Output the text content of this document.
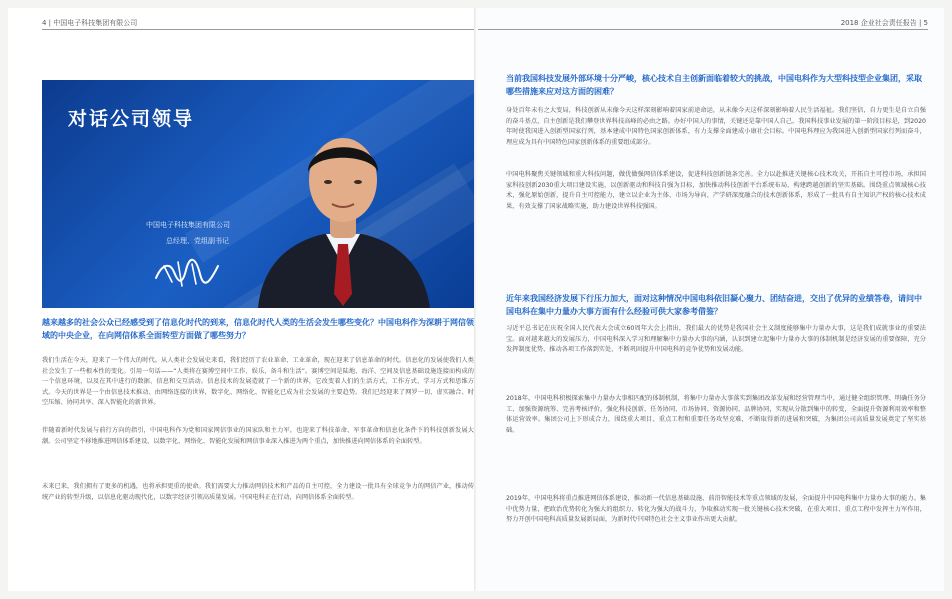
4 | 中国电子科技集团有限公司
对话公司领导
中国电子科技集团有限公司
总经理、党组副书记
越来越多的社会公众已经感受到了信息化时代的到来，信息化时代人类的生活会发生哪些变化？中国电科作为深耕于网信领域的中央企业，在向网信体系全面转型方面做了哪些努力？
我们生活在今天，迎来了一个伟大的时代。从人类社会发展史来看，我们经历了农业革命、工业革命，现在迎来了信息革命的时代。信息化的发展使我们人类社会发生了一些根本性的变化。引用一句话——“人类将在赛博空间中工作、娱乐、备斗和生活”。赛博空间是陆地、海洋、空间及信息基础设施连接而构成的一个信息环境，以及在其中进行的数据、信息和交互活动。信息技术的发展造就了一个新的世界，它改变着人们的生活方式、工作方式、学习方式和思维方式。今天的世界是一个由信息技术推动、由网络连接的世界，数字化、网络化、智能化已成为社会发展的主要趋势。我们已经迎来了网罗一切、虚实融合、时空压缩、协同共享、深入智能化的新世界。
伴随着新时代发展与前行方向的指引，中国电科作为党和国家网信事业的国家队和主力军，也迎来了科技革命、军事革命和信息化条件下的科技创新发展大潮。公司坚定不移地推进网信体系建设，以数字化、网络化、智能化发展和网信事业深入推进为两个重点，加快推进向网信体系的全面转型。
未来已来，我们拥有了更多的机遇，也将承担更重的使命。我们需要大力推动网信技术和产品的自主可控，全力建设一批具有全球竞争力的网信产业，推动传统产业的转型升级，以信息化驱动现代化，以数字经济引领高质量发展。中国电科正在行动，向网信体系全面转型。
2018 企业社会责任报告 | 5
当前我国科技发展外部环境十分严峻，核心技术自主创新面临着较大的挑战，中国电科作为大型科技型企业集团，采取哪些措施来应对这方面的困难？
身处百年未有之大变局，科技创新从未像今天这样深刻影响着国家前途命运，从未像今天这样深刻影响着人民生活福祉。我们坚信，自力更生是自立自强的奋斗基点，自主创新是我们攀登世界科技高峰的必由之路。办好中国人的事情，关键还是靠中国人自己。我国科技事业发展的第一阶段目标是，到2020年时使我国进入创新型国家行列，基本建成中国特色国家创新体系，有力支撑全面建成小康社会目标。中国电科理应为我国进入创新型国家行列而奋斗，理应成为具有中国特色国家创新体系的重要组成部分。
中国电科聚焦关键领域和重大科技问题，做优做强网信体系建设，促进科技创新链条完善。全力以赴推进关键核心技术攻关，开拓自主可控市场，承担国家科技创新2030重大项目建设实施，以创新驱动和科技自强为目标，加快推动科技创新平台系统布局、构建跨越创新的坚实基础。围绕重点领域核心技术，强化原始创新，提升自主可控能力，建立以企业为主体、市场为导向、产学研深度融合的技术创新体系，形成了一批具有自主知识产权的核心技术成果，有效支撑了国家战略实施，助力建设世界科技强国。
近年来我国经济发展下行压力加大，面对这种情况中国电科依旧凝心聚力、团结奋进，交出了优异的业绩答卷，请问中国电科在集中力量办大事方面有什么经验可供大家参考借鉴？
习近平总书记在庆祝全国人民代表大会成立60周年大会上指出，我们最大的优势是我国社会主义制度能够集中力量办大事，这是我们成就事业的重要法宝。面对越来越大的发展压力，中国电科深入学习和理解集中力量办大事的内涵，认识到建立起集中力量办大事的体制机制是经济发展的重要保障，充分发挥制度优势，推动各项工作落到实处，不断巩固提升中国电科的竞争优势和发展动能。
2018年，中国电科积极探索集中力量办大事相匹配的体制机制，将集中力量办大事落实到集团改革发展和经营管理当中，通过健全组织管理、明确任务分工、加强资源统筹、完善考核评价，强化科技创新、任务协同、市场协同、资源协同、品牌协同，实现从分散到集中的转变，全面提升资源利用效率和整体运营效率。集团公司上下形成合力，围绕重大项目、重点工程和重要任务攻坚克难，不断取得新的进展和突破，为集团公司高质量发展奠定了坚实基础。
2019年，中国电科将重点推进网信体系建设，推动新一代信息基础设施、前沿智能技术等重点领域的发展，全面提升中国电科集中力量办大事的能力。集中优势力量，把政治优势转化为强大的组织力、转化为强大的战斗力，争取推动实现一批关键核心技术突破，在重大项目、重点工程中发挥主力军作用，努力开创中国电科高质量发展新局面，为新时代中国特色社会主义事业作出更大贡献。
